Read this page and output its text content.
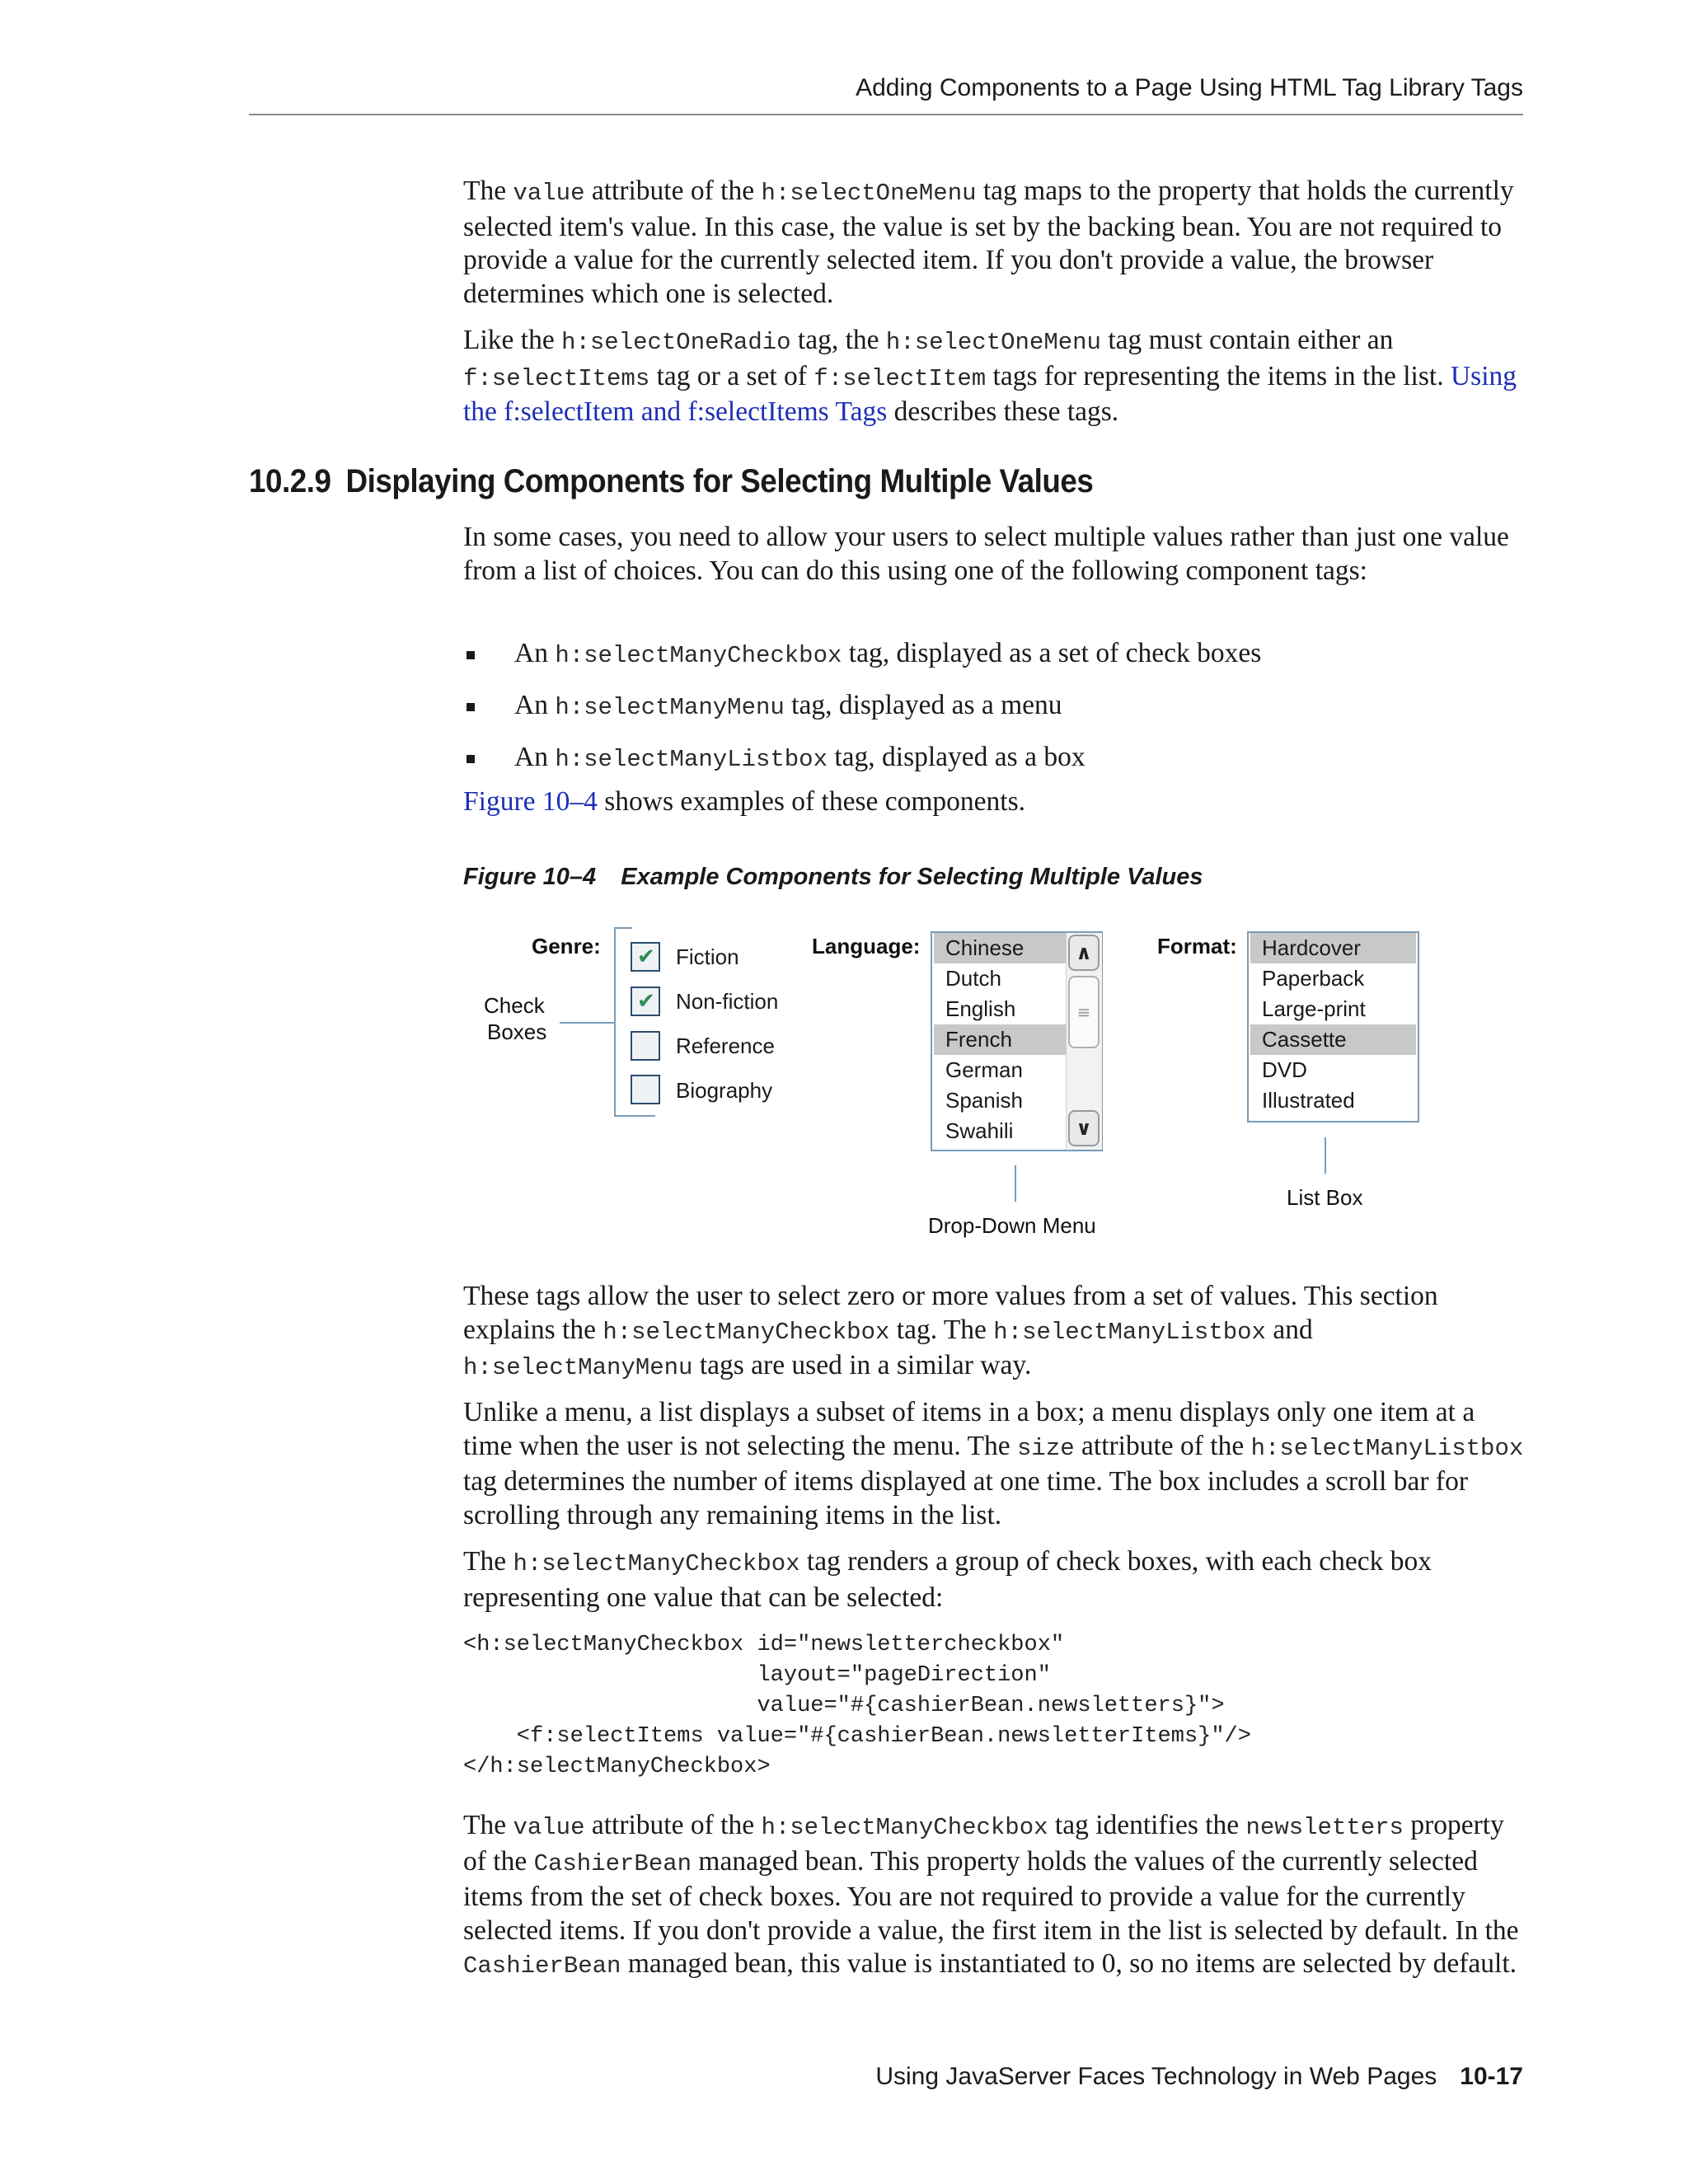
Adding Components to a Page Using HTML Tag Library Tags

The value attribute of the h:selectOneMenu tag maps to the property that holds the currently selected item's value. In this case, the value is set by the backing bean. You are not required to provide a value for the currently selected item. If you don't provide a value, the browser determines which one is selected.

Like the h:selectOneRadio tag, the h:selectOneMenu tag must contain either an f:selectItems tag or a set of f:selectItem tags for representing the items in the list. Using the f:selectItem and f:selectItems Tags describes these tags.

10.2.9 Displaying Components for Selecting Multiple Values

In some cases, you need to allow your users to select multiple values rather than just one value from a list of choices. You can do this using one of the following component tags:

An h:selectManyCheckbox tag, displayed as a set of check boxes
An h:selectManyMenu tag, displayed as a menu
An h:selectManyListbox tag, displayed as a box

Figure 10–4 shows examples of these components.

Figure 10–4 Example Components for Selecting Multiple Values
Genre:
Check
Boxes
✔ Fiction
✔ Non-fiction
Reference
Biography
Language:	Chinese
Dutch
English
French
German
Spanish
Swahili
∧
≡
∨
Drop-Down Menu
Format:	Hardcover
Paperback
Large-print
Cassette
DVD
Illustrated
List Box

These tags allow the user to select zero or more values from a set of values. This section explains the h:selectManyCheckbox tag. The h:selectManyListbox and h:selectManyMenu tags are used in a similar way.

Unlike a menu, a list displays a subset of items in a box; a menu displays only one item at a time when the user is not selecting the menu. The size attribute of the h:selectManyListbox tag determines the number of items displayed at one time. The box includes a scroll bar for scrolling through any remaining items in the list.

The h:selectManyCheckbox tag renders a group of check boxes, with each check box representing one value that can be selected:

<h:selectManyCheckbox id="newslettercheckbox"
layout="pageDirection"
value="#{cashierBean.newsletters}">
<f:selectItems value="#{cashierBean.newsletterItems}"/>
</h:selectManyCheckbox>

The value attribute of the h:selectManyCheckbox tag identifies the newsletters property of the CashierBean managed bean. This property holds the values of the currently selected items from the set of check boxes. You are not required to provide a value for the currently selected items. If you don't provide a value, the first item in the list is selected by default. In the CashierBean managed bean, this value is instantiated to 0, so no items are selected by default.

Using JavaServer Faces Technology in Web Pages 10-17
